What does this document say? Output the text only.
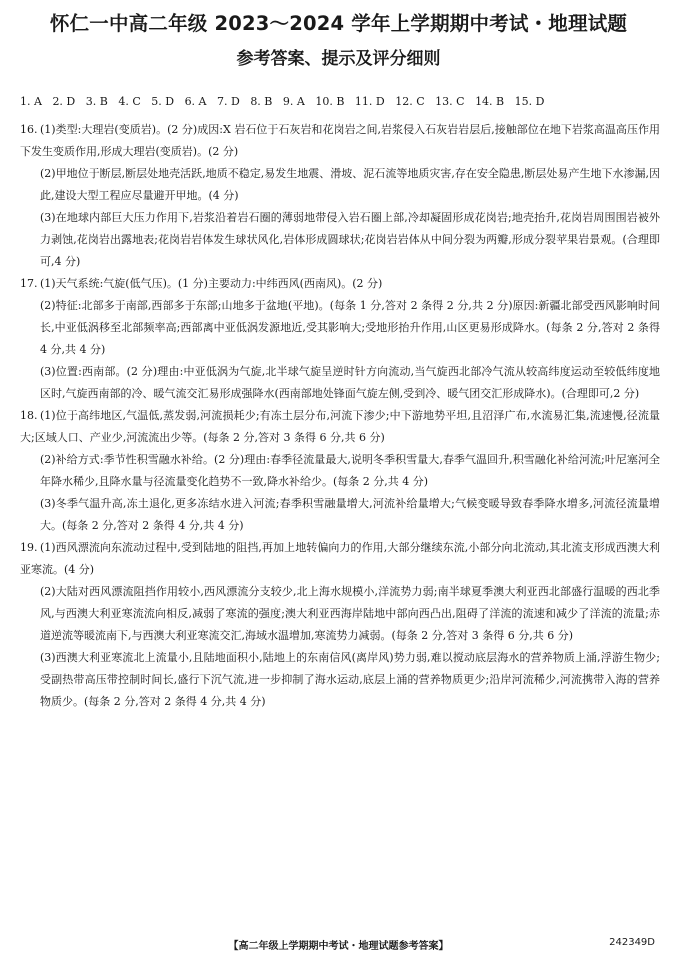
怀仁一中高二年级 2023～2024 学年上学期期中考试・地理试题
参考答案、提示及评分细则
1. A 2. D 3. B 4. C 5. D 6. A 7. D 8. B 9. A 10. B 11. D 12. C 13. C 14. B 15. D

16. (1)类型:大理岩(变质岩)。(2 分)成因:X 岩石位于石灰岩和花岗岩之间,岩浆侵入石灰岩岩层后,接触部位在地下岩浆高温高压作用下发生变质作用,形成大理岩(变质岩)。(2 分)

(2)甲地位于断层,断层处地壳活跃,地质不稳定,易发生地震、滑坡、泥石流等地质灾害,存在安全隐患,断层处易产生地下水渗漏,因此,建设大型工程应尽量避开甲地。(4 分)

(3)在地球内部巨大压力作用下,岩浆沿着岩石圈的薄弱地带侵入岩石圈上部,冷却凝固形成花岗岩;地壳抬升,花岗岩周围围岩被外力剥蚀,花岗岩出露地表;花岗岩岩体发生球状风化,岩体形成圆球状;花岗岩岩体从中间分裂为两瓣,形成分裂苹果岩景观。(合理即可,4 分)

17. (1)天气系统:气旋(低气压)。(1 分)主要动力:中纬西风(西南风)。(2 分)

(2)特征:北部多于南部,西部多于东部;山地多于盆地(平地)。(每条 1 分,答对 2 条得 2 分,共 2 分)原因:新疆北部受西风影响时间长,中亚低涡移至北部频率高;西部离中亚低涡发源地近,受其影响大;受地形抬升作用,山区更易形成降水。(每条 2 分,答对 2 条得 4 分,共 4 分)

(3)位置:西南部。(2 分)理由:中亚低涡为气旋,北半球气旋呈逆时针方向流动,当气旋西北部冷气流从较高纬度运动至较低纬度地区时,气旋西南部的冷、暖气流交汇易形成强降水(西南部地处锋面气旋左侧,受到冷、暖气团交汇形成降水)。(合理即可,2 分)

18. (1)位于高纬地区,气温低,蒸发弱,河流损耗少;有冻土层分布,河流下渗少;中下游地势平坦,且沼泽广布,水流易汇集,流速慢,径流量大;区域人口、产业少,河流流出少等。(每条 2 分,答对 3 条得 6 分,共 6 分)

(2)补给方式:季节性积雪融水补给。(2 分)理由:春季径流量最大,说明冬季积雪量大,春季气温回升,积雪融化补给河流;叶尼塞河全年降水稀少,且降水量与径流量变化趋势不一致,降水补给少。(每条 2 分,共 4 分)

(3)冬季气温升高,冻土退化,更多冻结水进入河流;春季积雪融量增大,河流补给量增大;气候变暖导致春季降水增多,河流径流量增大。(每条 2 分,答对 2 条得 4 分,共 4 分)

19. (1)西风漂流向东流动过程中,受到陆地的阻挡,再加上地转偏向力的作用,大部分继续东流,小部分向北流动,其北流支形成西澳大利亚寒流。(4 分)

(2)大陆对西风漂流阻挡作用较小,西风漂流分支较少,北上海水规模小,洋流势力弱;南半球夏季澳大利亚西北部盛行温暖的西北季风,与西澳大利亚寒流流向相反,减弱了寒流的强度;澳大利亚西海岸陆地中部向西凸出,阻碍了洋流的流速和减少了洋流的流量;赤道逆流等暖流南下,与西澳大利亚寒流交汇,海域水温增加,寒流势力减弱。(每条 2 分,答对 3 条得 6 分,共 6 分)

(3)西澳大利亚寒流北上流量小,且陆地面积小,陆地上的东南信风(离岸风)势力弱,难以搅动底层海水的营养物质上涌,浮游生物少;受副热带高压带控制时间长,盛行下沉气流,进一步抑制了海水运动,底层上涌的营养物质更少;沿岸河流稀少,河流携带入海的营养物质少。(每条 2 分,答对 2 条得 4 分,共 4 分)

【高二年级上学期期中考试・地理试题参考答案】	242349D
